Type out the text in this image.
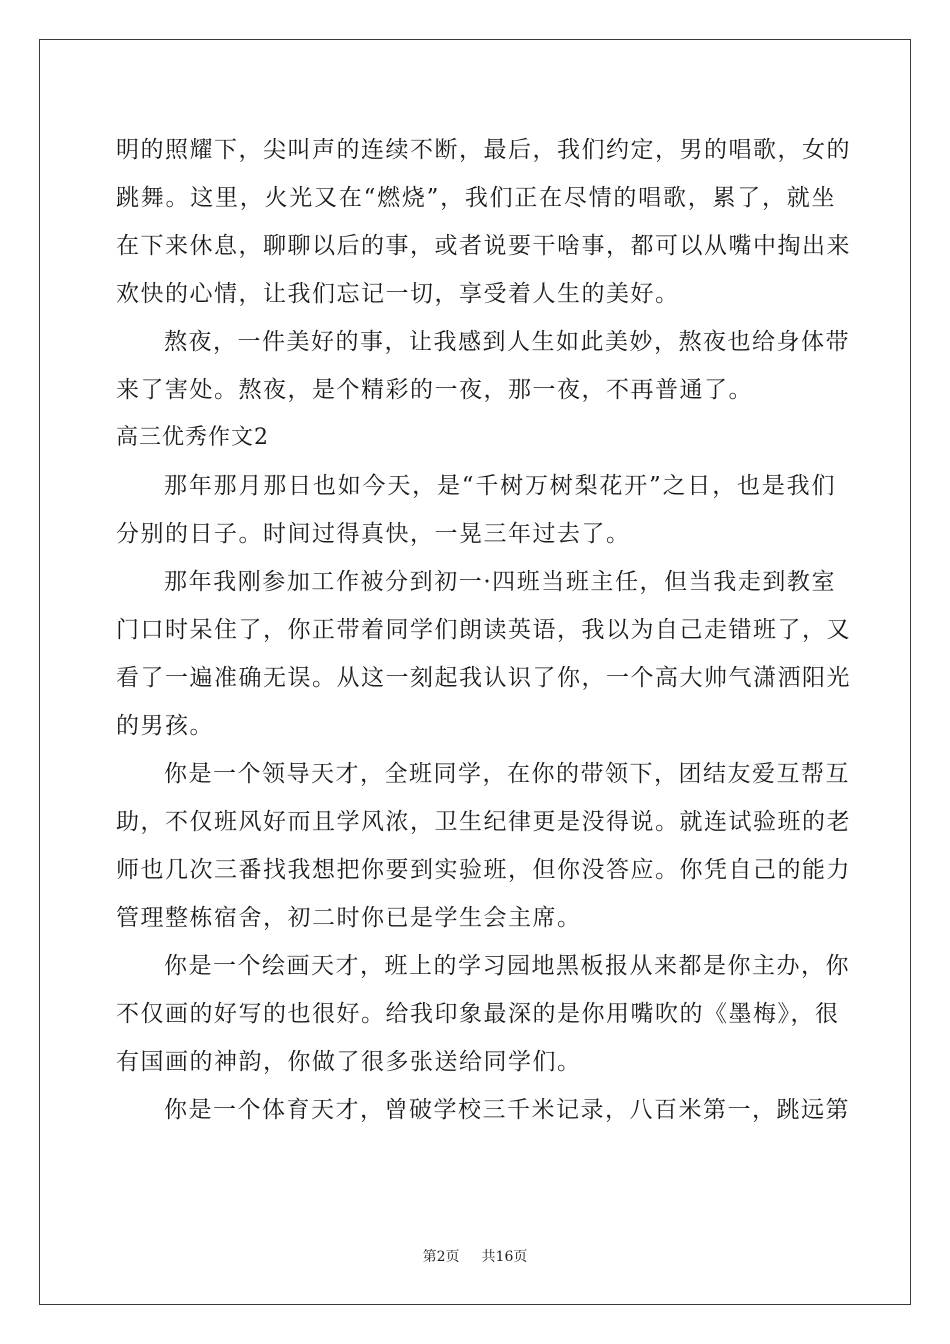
明的照耀下，尖叫声的连续不断，最后，我们约定，男的唱歌，女的
跳舞。这里，火光又在“燃烧”，我们正在尽情的唱歌，累了，就坐
在下来休息，聊聊以后的事，或者说要干啥事，都可以从嘴中掏出来
欢快的心情，让我们忘记一切，享受着人生的美好。
熬夜，一件美好的事，让我感到人生如此美妙，熬夜也给身体带
来了害处。熬夜，是个精彩的一夜，那一夜，不再普通了。
高三优秀作文2
那年那月那日也如今天，是“千树万树梨花开”之日，也是我们
分别的日子。时间过得真快，一晃三年过去了。
那年我刚参加工作被分到初一·四班当班主任，但当我走到教室
门口时呆住了，你正带着同学们朗读英语，我以为自己走错班了，又
看了一遍准确无误。从这一刻起我认识了你，一个高大帅气潇洒阳光
的男孩。
你是一个领导天才，全班同学，在你的带领下，团结友爱互帮互
助，不仅班风好而且学风浓，卫生纪律更是没得说。就连试验班的老
师也几次三番找我想把你要到实验班，但你没答应。你凭自己的能力
管理整栋宿舍，初二时你已是学生会主席。
你是一个绘画天才，班上的学习园地黑板报从来都是你主办，你
不仅画的好写的也很好。给我印象最深的是你用嘴吹的《墨梅》，很
有国画的神韵，你做了很多张送给同学们。
你是一个体育天才，曾破学校三千米记录，八百米第一，跳远第
第2页 共16页
